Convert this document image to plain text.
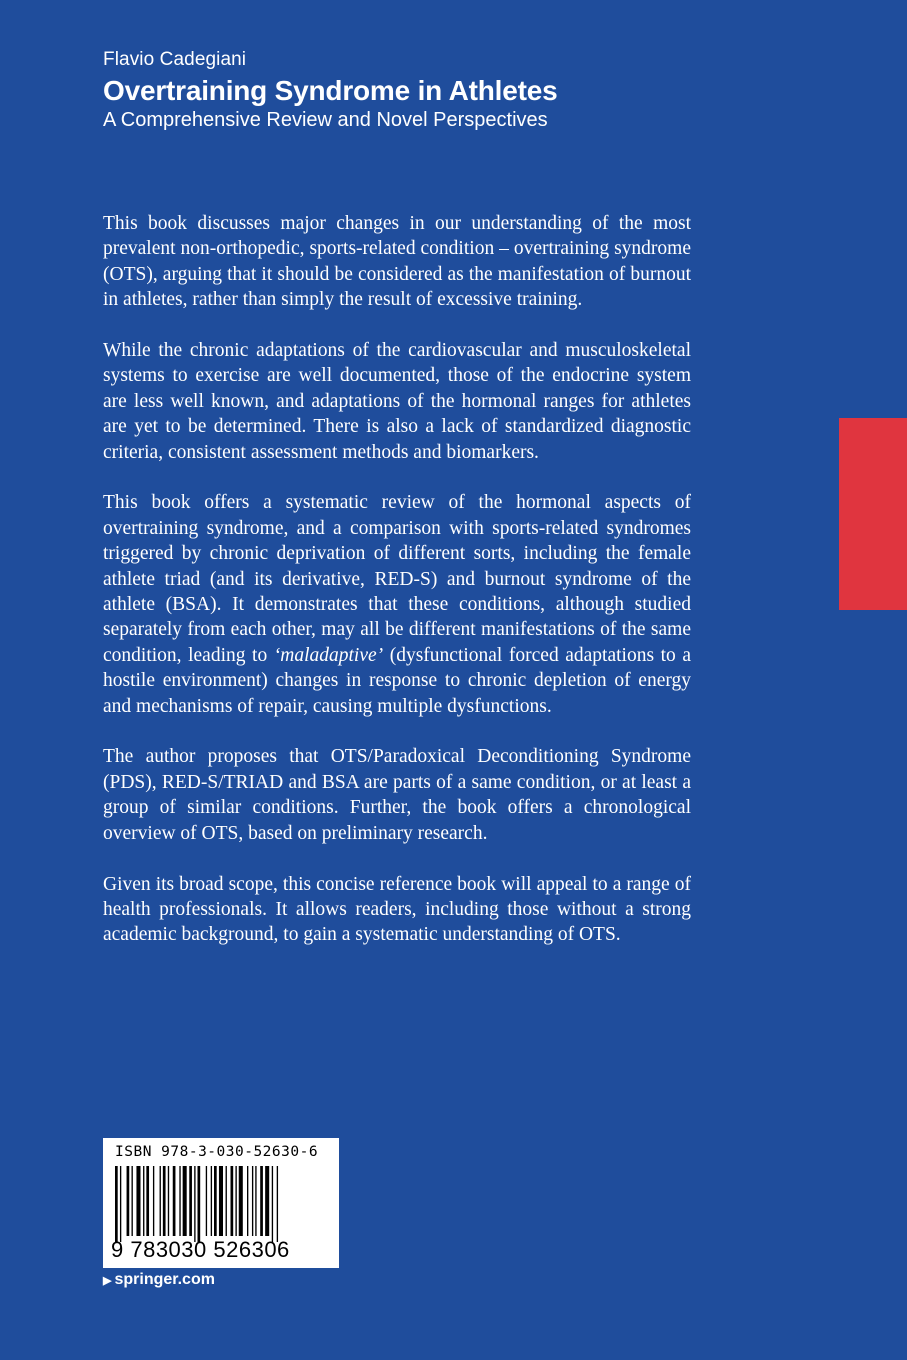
Flavio Cadegiani
Overtraining Syndrome in Athletes
A Comprehensive Review and Novel Perspectives

This book discusses major changes in our understanding of the most prevalent non-orthopedic, sports-related condition – overtraining syndrome (OTS), arguing that it should be considered as the manifestation of burnout in athletes, rather than simply the result of excessive training.

While the chronic adaptations of the cardiovascular and musculoskeletal systems to exercise are well documented, those of the endocrine system are less well known, and adaptations of the hormonal ranges for athletes are yet to be determined. There is also a lack of standardized diagnostic criteria, consistent assessment methods and biomarkers.

This book offers a systematic review of the hormonal aspects of overtraining syndrome, and a comparison with sports-related syndromes triggered by chronic deprivation of different sorts, including the female athlete triad (and its derivative, RED-S) and burnout syndrome of the athlete (BSA). It demonstrates that these conditions, although studied separately from each other, may all be different manifestations of the same condition, leading to ‘maladaptive’ (dysfunctional forced adaptations to a hostile environment) changes in response to chronic depletion of energy and mechanisms of repair, causing multiple dysfunctions.

The author proposes that OTS/Paradoxical Deconditioning Syndrome (PDS), RED-S/TRIAD and BSA are parts of a same condition, or at least a group of similar conditions. Further, the book offers a chronological overview of OTS, based on preliminary research.

Given its broad scope, this concise reference book will appeal to a range of health professionals. It allows readers, including those without a strong academic background, to gain a systematic understanding of OTS.

ISBN 978-3-030-52630-6
9 783030 526306
▶ springer.com
